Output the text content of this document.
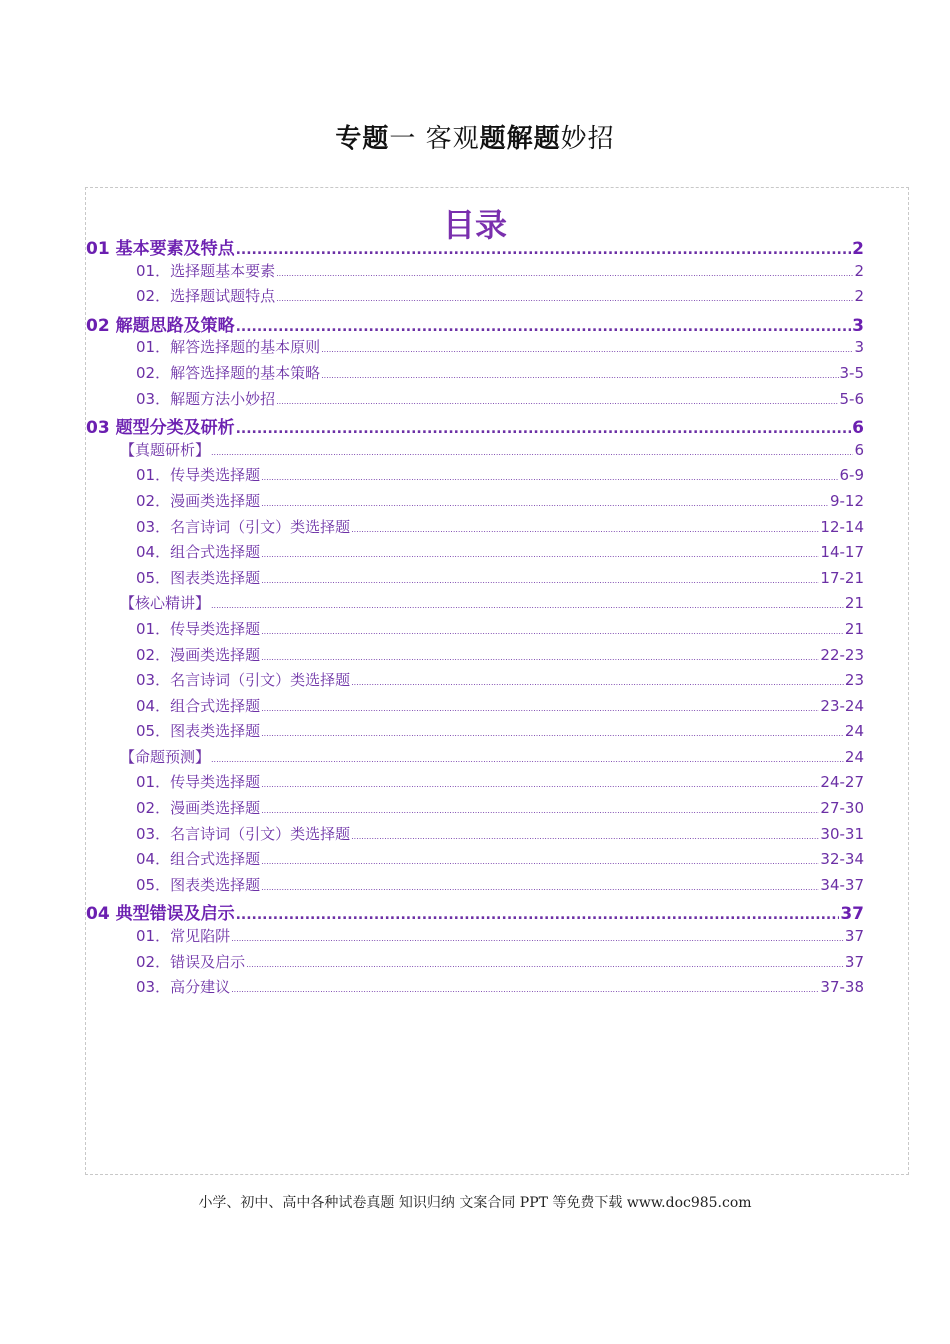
专题一 客观题解题妙招
目录
01 基本要素及特点 .....	2
01．选择题基本要素 .....	2
02．选择题试题特点 .....	2
02 解题思路及策略 .....	3
01．解答选择题的基本原则 .....	3
02．解答选择题的基本策略 .....	3-5
03．解题方法小妙招 .....	5-6
03 题型分类及研析 .....	6
【真题研析】 .....	6
01．传导类选择题 .....	6-9
02．漫画类选择题 .....	9-12
03．名言诗词（引文）类选择题 .....	12-14
04．组合式选择题 .....	14-17
05．图表类选择题 .....	17-21
【核心精讲】 .....	21
01．传导类选择题 .....	21
02．漫画类选择题 .....	22-23
03．名言诗词（引文）类选择题 .....	23
04．组合式选择题 .....	23-24
05．图表类选择题 .....	24
【命题预测】 .....	24
01．传导类选择题 .....	24-27
02．漫画类选择题 .....	27-30
03．名言诗词（引文）类选择题 .....	30-31
04．组合式选择题 .....	32-34
05．图表类选择题 .....	34-37
04 典型错误及启示 .....	37
01．常见陷阱 .....	37
02．错误及启示 .....	37
03．高分建议 .....	37-38
小学、初中、高中各种试卷真题 知识归纳 文案合同 PPT 等免费下载 www.doc985.com
